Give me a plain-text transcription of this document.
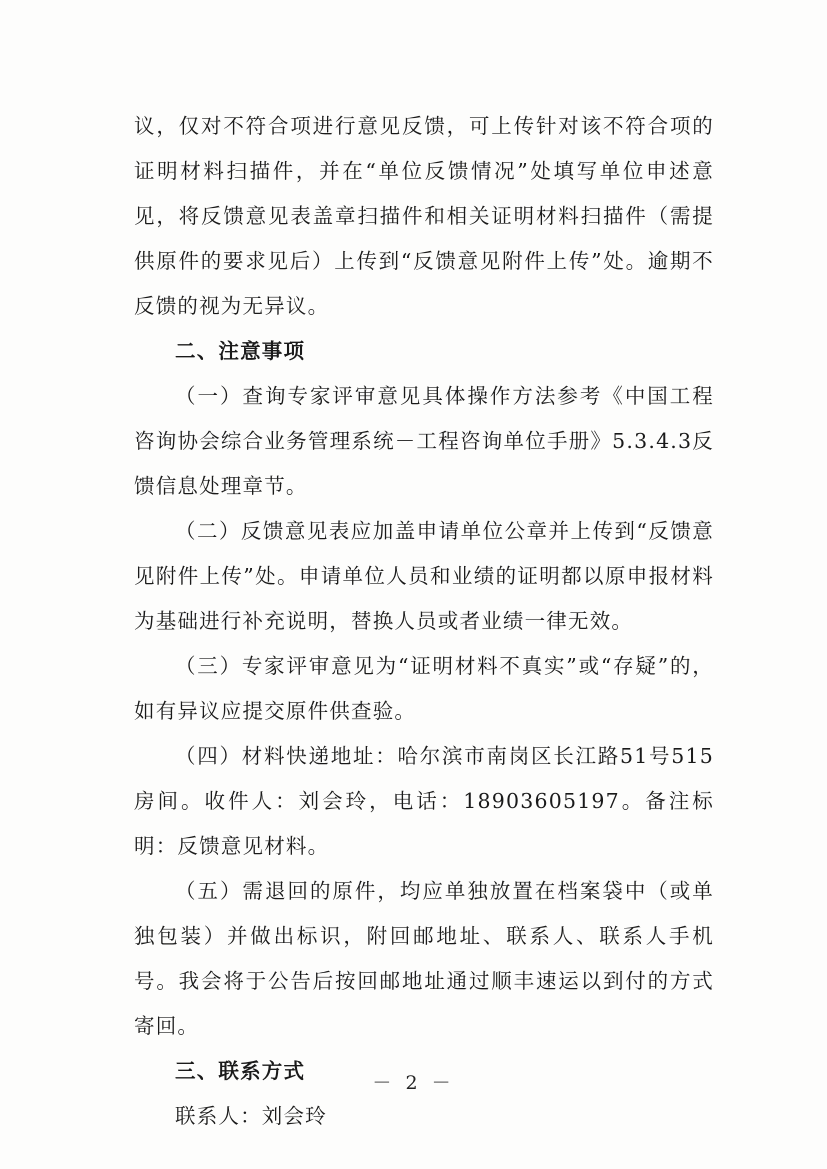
议，仅对不符合项进行意见反馈，可上传针对该不符合项的证明材料扫描件，并在“单位反馈情况”处填写单位申述意见，将反馈意见表盖章扫描件和相关证明材料扫描件（需提供原件的要求见后）上传到“反馈意见附件上传”处。逾期不反馈的视为无异议。

二、注意事项

（一）查询专家评审意见具体操作方法参考《中国工程咨询协会综合业务管理系统－工程咨询单位手册》5.3.4.3反馈信息处理章节。

（二）反馈意见表应加盖申请单位公章并上传到“反馈意见附件上传”处。申请单位人员和业绩的证明都以原申报材料为基础进行补充说明，替换人员或者业绩一律无效。

（三）专家评审意见为“证明材料不真实”或“存疑”的，如有异议应提交原件供查验。

（四）材料快递地址：哈尔滨市南岗区长江路51号515房间。收件人：刘会玲，电话：18903605197。备注标明：反馈意见材料。

（五）需退回的原件，均应单独放置在档案袋中（或单独包装）并做出标识，附回邮地址、联系人、联系人手机号。我会将于公告后按回邮地址通过顺丰速运以到付的方式寄回。

三、联系方式

联系人：刘会玲

－ 2 －
